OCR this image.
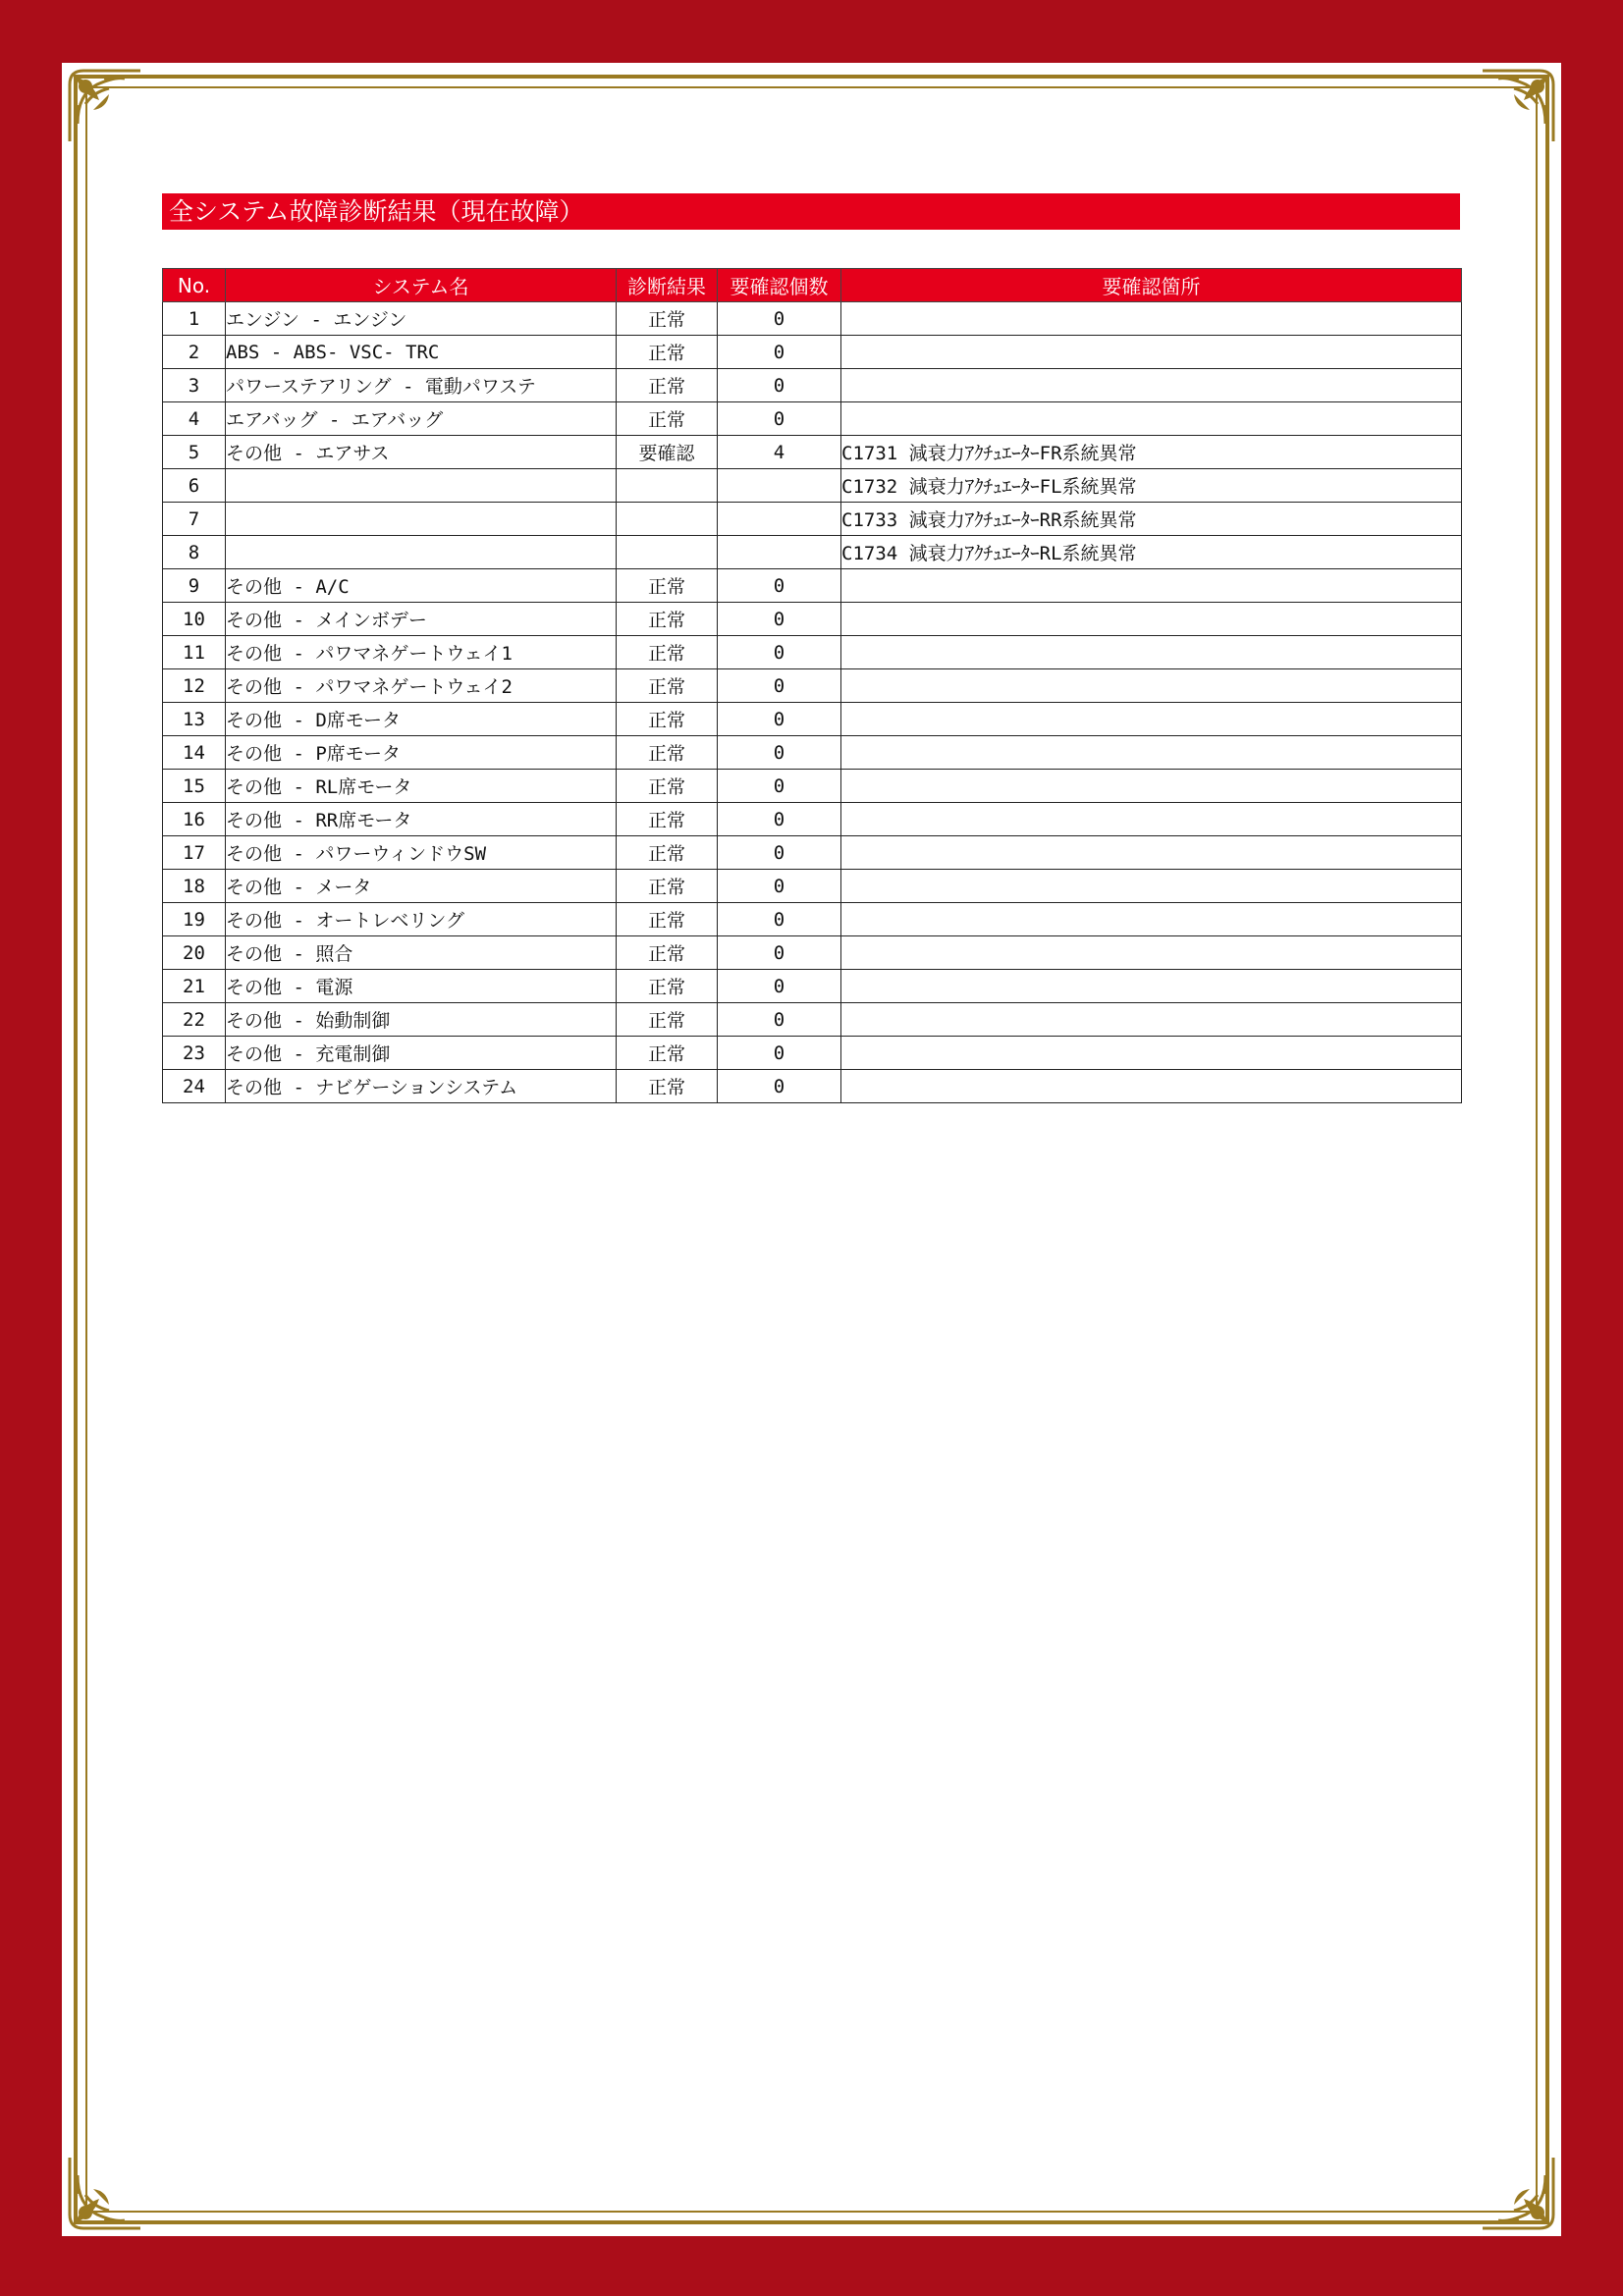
全システム故障診断結果（現在故障）
No.	システム名	診断結果	要確認個数	要確認箇所
1	エンジン - エンジン	正常	0	
2	ABS - ABS- VSC- TRC	正常	0	
3	パワーステアリング - 電動パワステ	正常	0	
4	エアバッグ - エアバッグ	正常	0	
5	その他 - エアサス	要確認	4	C1731 減衰力ｱｸﾁｭｴｰﾀｰFR系統異常
6				C1732 減衰力ｱｸﾁｭｴｰﾀｰFL系統異常
7				C1733 減衰力ｱｸﾁｭｴｰﾀｰRR系統異常
8				C1734 減衰力ｱｸﾁｭｴｰﾀｰRL系統異常
9	その他 - A/C	正常	0	
10	その他 - メインボデー	正常	0	
11	その他 - パワマネゲートウェイ1	正常	0	
12	その他 - パワマネゲートウェイ2	正常	0	
13	その他 - D席モータ	正常	0	
14	その他 - P席モータ	正常	0	
15	その他 - RL席モータ	正常	0	
16	その他 - RR席モータ	正常	0	
17	その他 - パワーウィンドウSW	正常	0	
18	その他 - メータ	正常	0	
19	その他 - オートレベリング	正常	0	
20	その他 - 照合	正常	0	
21	その他 - 電源	正常	0	
22	その他 - 始動制御	正常	0	
23	その他 - 充電制御	正常	0	
24	その他 - ナビゲーションシステム	正常	0	
